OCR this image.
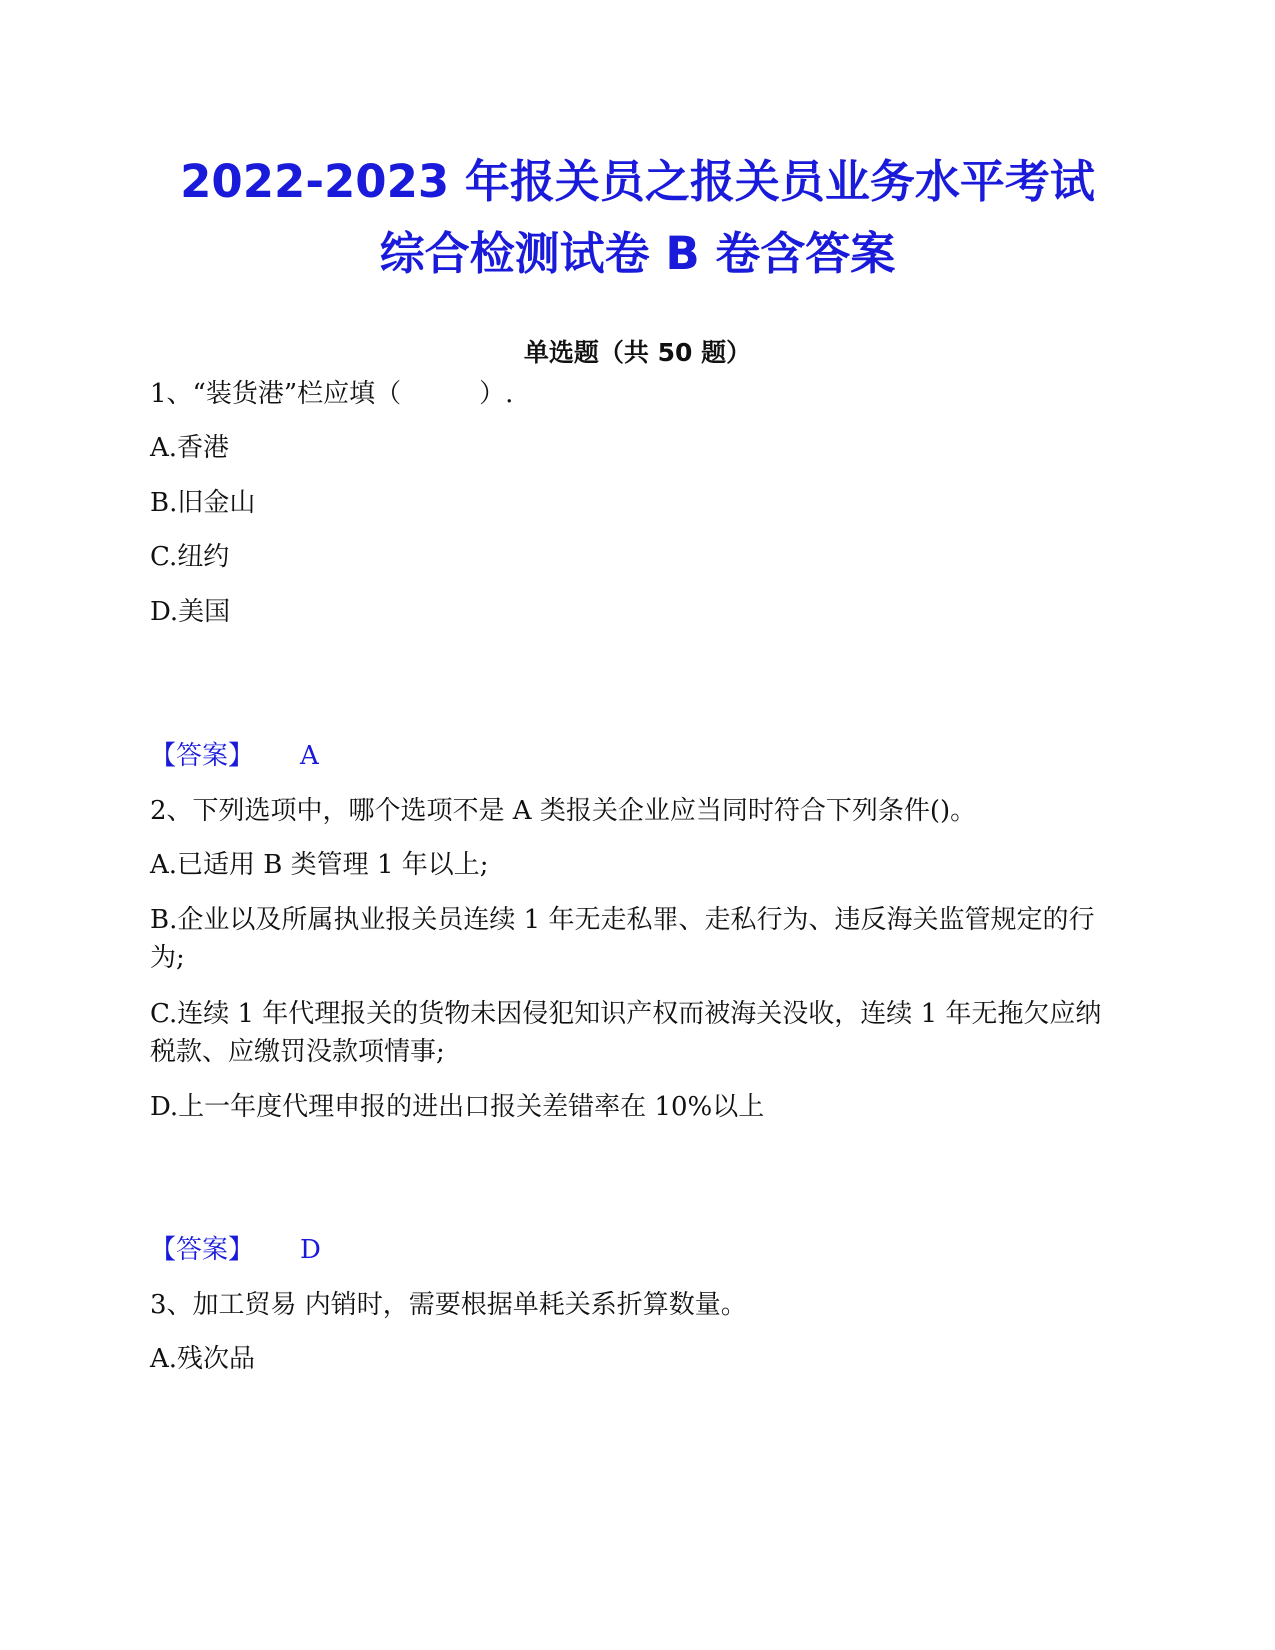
2022-2023 年报关员之报关员业务水平考试
综合检测试卷 B 卷含答案
单选题（共 50 题）
1、“装货港”栏应填（　　　）.
A.香港
B.旧金山
C.纽约
D.美国
【答案】 A
2、下列选项中，哪个选项不是 A 类报关企业应当同时符合下列条件()。
A.已适用 B 类管理 1 年以上;
B.企业以及所属执业报关员连续 1 年无走私罪、走私行为、违反海关监管规定的行为;
C.连续 1 年代理报关的货物未因侵犯知识产权而被海关没收，连续 1 年无拖欠应纳税款、应缴罚没款项情事;
D.上一年度代理申报的进出口报关差错率在 10%以上
【答案】 D
3、加工贸易 内销时，需要根据单耗关系折算数量。
A.残次品
